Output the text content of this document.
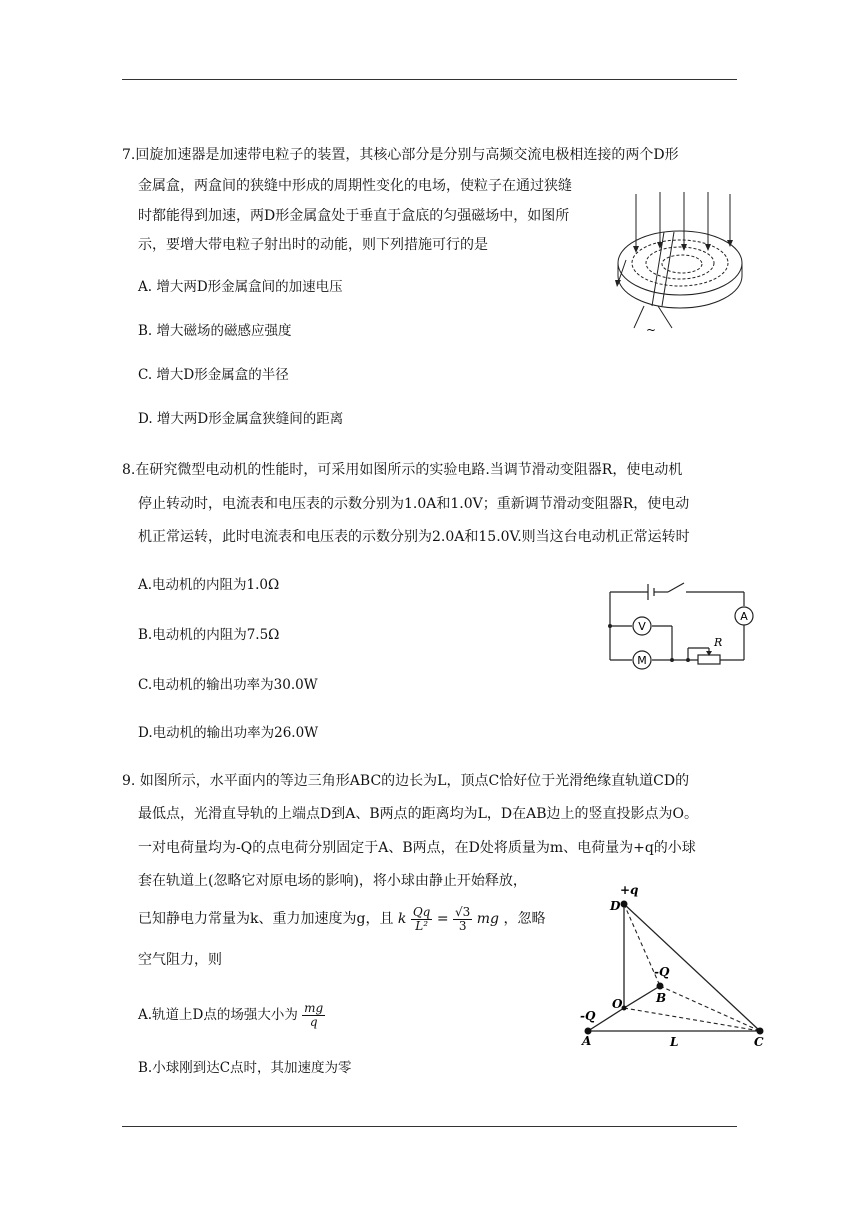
7.回旋加速器是加速带电粒子的装置，其核心部分是分别与高频交流电极相连接的两个D形
金属盒，两盒间的狭缝中形成的周期性变化的电场，使粒子在通过狭缝
时都能得到加速，两D形金属盒处于垂直于盒底的匀强磁场中，如图所
示，要增大带电粒子射出时的动能，则下列措施可行的是
A. 增大两D形金属盒间的加速电压
B. 增大磁场的磁感应强度
C. 增大D形金属盒的半径
D. 增大两D形金属盒狭缝间的距离
~
8.在研究微型电动机的性能时，可采用如图所示的实验电路.当调节滑动变阻器R，使电动机
停止转动时，电流表和电压表的示数分别为1.0A和1.0V；重新调节滑动变阻器R，使电动
机正常运转，此时电流表和电压表的示数分别为2.0A和15.0V.则当这台电动机正常运转时
A.电动机的内阻为1.0Ω
B.电动机的内阻为7.5Ω
C.电动机的输出功率为30.0W
D.电动机的输出功率为26.0W
A
V
M
R
9. 如图所示，水平面内的等边三角形ABC的边长为L，顶点C恰好位于光滑绝缘直轨道CD的
最低点，光滑直导轨的上端点D到A、B两点的距离均为L，D在AB边上的竖直投影点为O。
一对电荷量均为-Q的点电荷分别固定于A、B两点，在D处将质量为m、电荷量为+q的小球
套在轨道上(忽略它对原电场的影响)，将小球由静止开始释放，
已知静电力常量为k、重力加速度为g，且 k $\frac{Qq}{\text{L²}} = \frac{√3}{3}$ mg ，忽略
空气阻力，则
A.轨道上D点的场强大小为 $\frac{mg}{q}$
B.小球刚到达C点时，其加速度为零
+q
D
-Q
B
O
-Q
A	L	C
